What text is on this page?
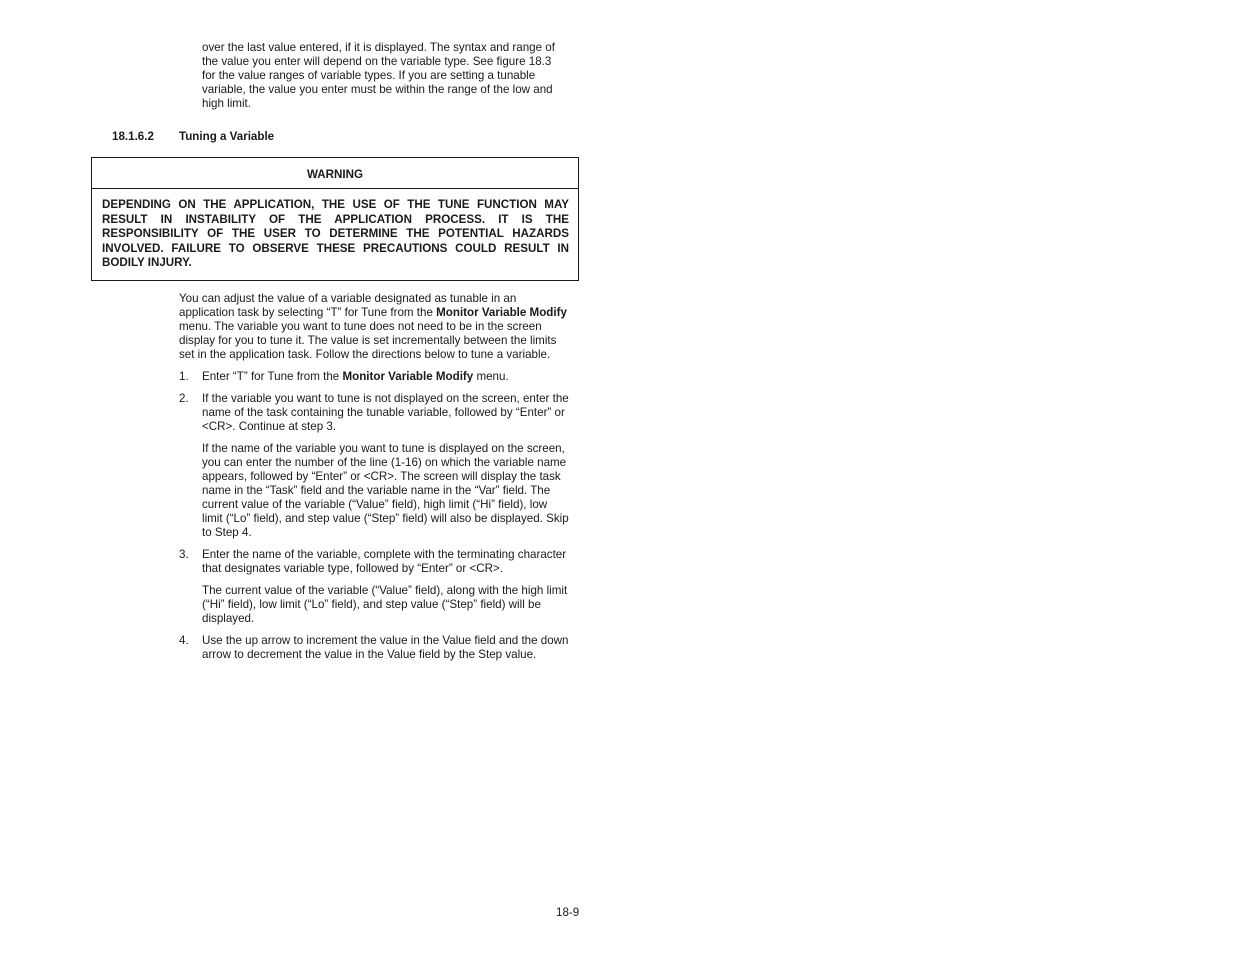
over the last value entered, if it is displayed. The syntax and range of the value you enter will depend on the variable type. See figure 18.3 for the value ranges of variable types. If you are setting a tunable variable, the value you enter must be within the range of the low and high limit.

18.1.6.2 Tuning a Variable
WARNING
DEPENDING ON THE APPLICATION, THE USE OF THE TUNE FUNCTION MAY RESULT IN INSTABILITY OF THE APPLICATION PROCESS. IT IS THE RESPONSIBILITY OF THE USER TO DETERMINE THE POTENTIAL HAZARDS INVOLVED. FAILURE TO OBSERVE THESE PRECAUTIONS COULD RESULT IN BODILY INJURY.

You can adjust the value of a variable designated as tunable in an application task by selecting “T” for Tune from the Monitor Variable Modify menu. The variable you want to tune does not need to be in the screen display for you to tune it. The value is set incrementally between the limits set in the application task. Follow the directions below to tune a variable.

1. Enter “T” for Tune from the Monitor Variable Modify menu.
2. If the variable you want to tune is not displayed on the screen, enter the name of the task containing the tunable variable, followed by “Enter” or <CR>. Continue at step 3.

If the name of the variable you want to tune is displayed on the screen, you can enter the number of the line (1-16) on which the variable name appears, followed by “Enter” or <CR>. The screen will display the task name in the “Task” field and the variable name in the “Var” field. The current value of the variable (“Value” field), high limit (“Hi” field), low limit (“Lo” field), and step value (“Step” field) will also be displayed. Skip to Step 4.

3. Enter the name of the variable, complete with the terminating character that designates variable type, followed by “Enter” or <CR>.

The current value of the variable (“Value” field), along with the high limit (“Hi” field), low limit (“Lo” field), and step value (“Step” field) will be displayed.

4. Use the up arrow to increment the value in the Value field and the down arrow to decrement the value in the Value field by the Step value.
18-9
